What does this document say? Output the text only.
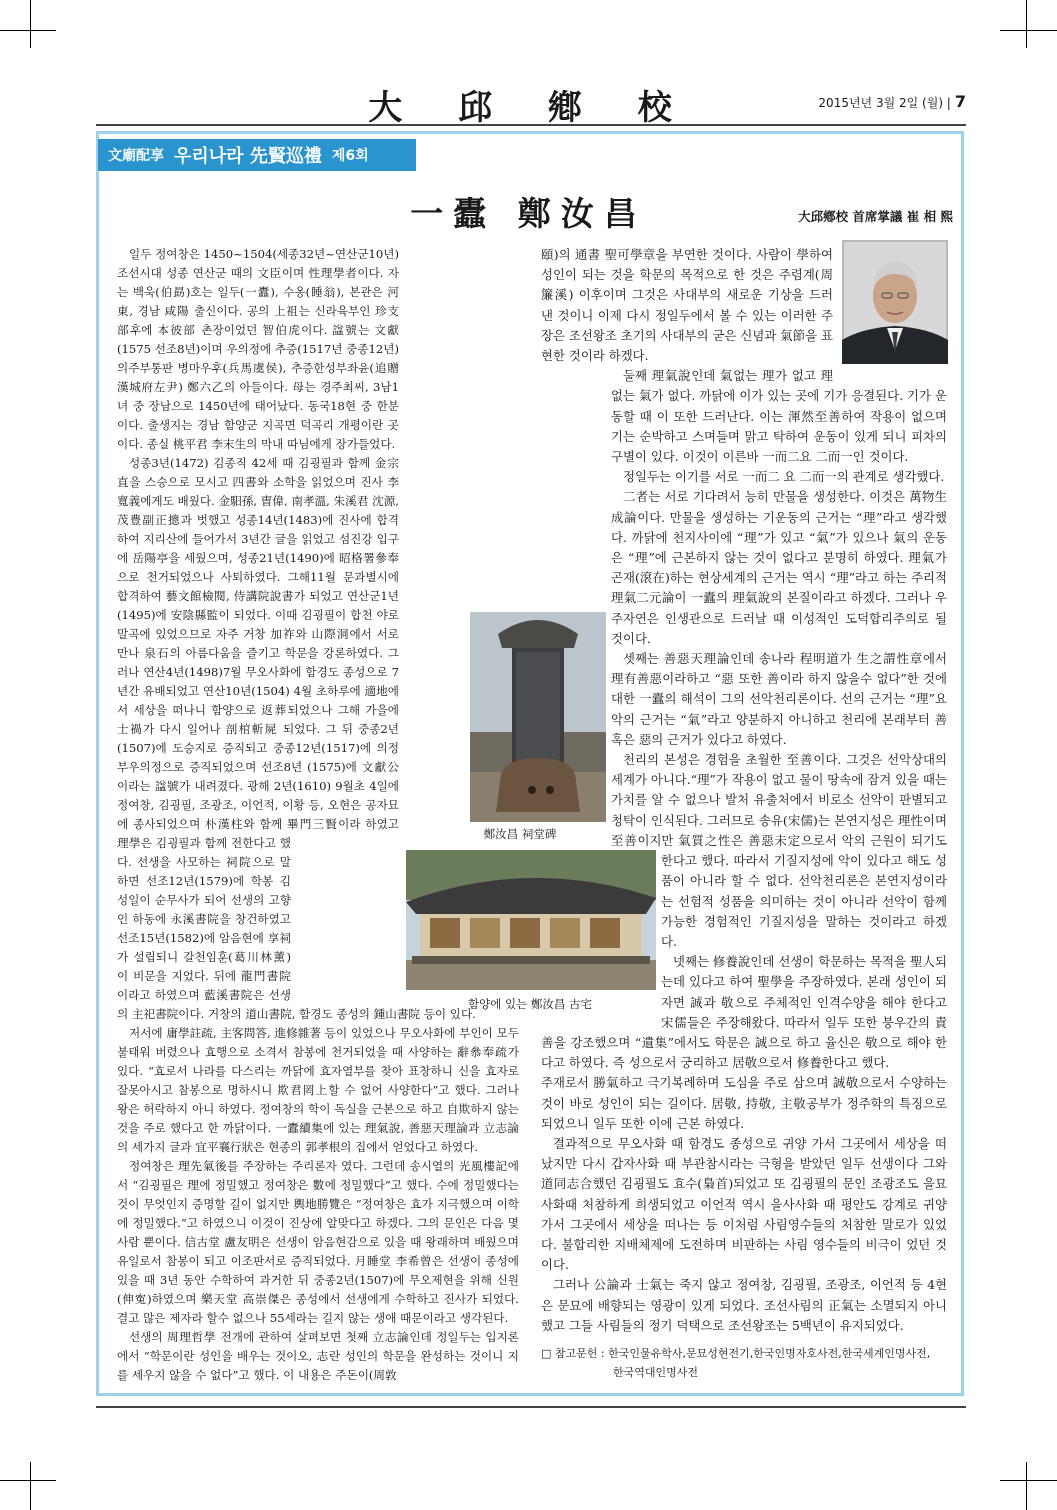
大 邱 鄕 校	2015년년 3월 2일 (월) | 7
文廟配享 우리나라 先賢巡禮 제6회
一蠹 鄭汝昌	大邱鄕校 首席掌議 崔 相 熙
鄭汝昌 祠堂碑
함양에 있는 鄭汝昌 古宅

일두 정여창은 1450~1504(세종32년~연산군10년) 조선시대 성종 연산군 때의 文臣이며 性理學者이다. 자는 백욱(伯勗)호는 일두(一蠹), 수옹(睡翁), 본관은 河東, 경남 咸陽 출신이다. 공의 上祖는 신라육부인 珍支部후에 本彼部 촌장이었던 智伯虎이다. 諡號는 文獻(1575 선조8년)이며 우의정에 추증(1517년 중종12년) 의주부통판 병마우후(兵馬虞侯), 추증한성부좌윤(追贈漢城府左尹) 鄭六乙의 아들이다. 母는 경주최씨, 3남1녀 중 장남으로 1450년에 태어났다. 동국18현 중 한분이다. 출생지는 경남 함양군 지곡면 덕곡리 개평이란 곳이다. 종실 桃平君 李末生의 막내 따님에게 장가들었다.

성종3년(1472) 김종직 42세 때 김굉필과 함께 金宗直을 스승으로 모시고 四書와 소학을 읽었으며 진사 李寬義에게도 배웠다. 金馹孫, 曺偉, 南孝溫, 朱溪君 沈源, 茂豊副正摠과 벗했고 성종14년(1483)에 진사에 합격하여 지리산에 들어가서 3년간 글을 읽었고 섬진강 입구에 岳陽亭을 세웠으며, 성종21년(1490)에 昭格署參奉으로 천거되었으나 사퇴하였다. 그해11월 문과별시에 합격하여 藝文館檢閱, 侍講院說書가 되었고 연산군1년(1495)에 安陰縣監이 되었다. 이때 김굉필이 합천 야로 말곡에 있었으므로 자주 거창 加祚와 山際洞에서 서로 만나 泉石의 아름다움을 즐기고 학문을 강론하였다. 그러나 연산4년(1498)7월 무오사화에 함경도 종성으로 7년간 유배되었고 연산10년(1504) 4월 초하루에 適地에서 세상을 떠나니 함양으로 返葬되었으나 그해 가을에 士禍가 다시 일어나 剖棺斬屍 되었다. 그 뒤 중종2년(1507)에 도승지로 증직되고 중종12년(1517)에 의정부우의정으로 증직되었으며 선조8년 (1575)에 文獻公이라는 諡號가 내려졌다. 광해 2년(1610) 9월초 4일에 정여창, 김굉필, 조광조, 이언적, 이황 등, 오현은 공자묘에 종사되었으며 朴漢柱와 함께 畢門三賢이라 하였고 理學은 김굉필과 함께 전한다고 했다. 선생을 사모하는 祠院으로 말하면 선조12년(1579)에 학봉 김성일이 순무사가 되어 선생의 고향인 하동에 永溪書院을 창건하였고 선조15년(1582)에 암음현에 享祠가 설립되니 갈천임훈(葛川林薰)이 비문을 지었다. 뒤에 龍門書院이라고 하였으며 藍溪書院은 선생의 主祀書院이다. 거창의 道山書院, 함경도 종성의 鍾山書院 등이 있다.

저서에 庸學註疏, 主客問答, 進修雜著 등이 있었으나 무오사화에 부인이 모두 불태워 버렸으나 효행으로 소격서 참봉에 천거되었을 때 사양하는 辭叅奉疏가 있다. “효로서 나라를 다스리는 까닭에 효자열부를 찾아 표창하니 신을 효자로 잘못아시고 참봉으로 명하시니 欺君罔上할 수 없어 사양한다”고 했다. 그러나 왕은 허락하지 아니 하였다. 정여창의 학이 독실을 근본으로 하고 自欺하지 않는 것을 주로 했다고 한 까닭이다. 一蠹續集에 있는 理氣說, 善惡天理論과 立志論의 세가지 글과 宜平襄行狀은 현종의 郭孝根의 집에서 얻었다고 하였다.

정여창은 理先氣後를 주장하는 주리론자 였다. 그런데 송시열의 光風樓記에서 “김굉필은 理에 정밀했고 정여창은 數에 정밀했다”고 했다. 수에 정밀했다는 것이 무엇인지 증명할 길이 없지만 輿地勝覽은 “정여창은 효가 지극했으며 이학에 정밀했다.”고 하였으니 이것이 진상에 알맞다고 하겠다. 그의 문인은 다음 몇 사람 뿐이다. 信古堂 盧友明은 선생이 암음현감으로 있을 때 왕래하며 배웠으며 유일로서 참봉이 되고 이조판서로 증직되었다. 月睡堂 李希曾은 선생이 종성에 있을 때 3년 동안 수학하여 과거한 뒤 중종2년(1507)에 무오제현을 위해 신원(伸寃)하였으며 樂天堂 高崇傑은 종성에서 선생에게 수학하고 진사가 되었다. 결고 많은 제자라 할수 없으나 55세라는 길지 않는 생애 때문이라고 생각된다.

선생의 周理哲學 전개에 관하여 살펴보면 첫째 立志論인데 정일두는 입지론에서 “학문이란 성인을 배우는 것이오, 志란 성인의 학문을 완성하는 것이니 지를 세우지 않을 수 없다”고 했다. 이 내용은 주돈이(周敦

頤)의 通書 聖可學章을 부연한 것이다. 사람이 學하여 성인이 되는 것을 학문의 목적으로 한 것은 주렴계(周簾溪) 이후이며 그것은 사대부의 새로운 기상을 드러낸 것이니 이제 다시 정일두에서 볼 수 있는 이러한 주장은 조선왕조 초기의 사대부의 굳은 신념과 氣節을 표현한 것이라 하겠다.

둘째 理氣說인데 氣없는 理가 없고 理없는 氣가 없다. 까닭에 이가 있는 곳에 기가 응결된다. 기가 운동할 때 이 또한 드러난다. 이는 渾然至善하여 작용이 없으며 기는 순박하고 스며들며 맑고 탁하여 운동이 있게 되니 피차의 구별이 있다. 이것이 이른바 一而二요 二而一인 것이다.

정일두는 이기를 서로 一而二 요 二而一의 관계로 생각했다.

二者는 서로 기다려서 능히 만물을 생성한다. 이것은 萬物生成論이다. 만물을 생성하는 기운동의 근거는 “理”라고 생각했다. 까닭에 천지사이에 “理”가 있고 “氣”가 있으나 氣의 운동은 “理”에 근본하지 않는 것이 없다고 분명히 하였다. 理氣가 곤재(滾在)하는 현상세계의 근거는 역시 “理”라고 하는 주리적 理氣二元論이 一蠹의 理氣說의 본질이라고 하겠다. 그러나 우주자연은 인생관으로 드러날 때 이성적인 도덕합리주의로 될 것이다.

셋째는 善惡天理論인데 송나라 程明道가 生之謂性章에서 理有善惡이라하고 “惡 또한 善이라 하지 않을수 없다”한 것에 대한 一蠹의 해석이 그의 선악천리론이다. 선의 근거는 “理”요 악의 근거는 “氣”라고 양분하지 아니하고 천리에 본래부터 善 혹은 惡의 근거가 있다고 하였다.

천리의 본성은 경험을 초월한 至善이다. 그것은 선악상대의 세계가 아니다.“理”가 작용이 없고 물이 땅속에 잠겨 있을 때는 가치를 알 수 없으나 발처 유출처에서 비로소 선악이 판별되고 청탁이 인식된다. 그러므로 송유(宋儒)는 본연지성은 理性이며 至善이지만 氣質之性은 善惡未定으로서 악의 근원이 되기도 한다고 했다. 따라서 기질지성에 악이 있다고 해도 성품이 아니라 할 수 없다. 선악천리론은 본연지성이라는 선험적 성품을 의미하는 것이 아니라 선악이 함께 가능한 경험적인 기질지성을 말하는 것이라고 하겠다.

넷째는 修養說인데 선생이 학문하는 목적을 聖人되는데 있다고 하여 聖學을 주장하였다. 본래 성인이 되자면 誠과 敬으로 주체적인 인격수양을 해야 한다고 宋儒들은 주장해왔다. 따라서 일두 또한 붕우간의 責善을 강조했으며 “遺集”에서도 학문은 誠으로 하고 율신은 敬으로 해야 한다고 하였다. 즉 성으로서 궁리하고 居敬으로서 修養한다고 했다.

주재로서 勝氣하고 극기복례하며 도심을 주로 삼으며 誠敬으로서 수양하는 것이 바로 성인이 되는 길이다. 居敬, 持敬, 主敬공부가 정주학의 특징으로 되었으니 일두 또한 이에 근본 하였다.

결과적으로 무오사화 때 함경도 종성으로 귀양 가서 그곳에서 세상을 떠났지만 다시 갑자사화 때 부관참시라는 극형을 받았던 일두 선생이다 그와 道同志合했던 김굉필도 효수(梟首)되었고 또 김굉필의 문인 조광조도 을묘사화때 처참하게 희생되었고 이언적 역시 을사사화 때 평안도 강계로 귀양가서 그곳에서 세상을 떠나는 등 이처럼 사림영수들의 처참한 말로가 있었다. 불합리한 지배체제에 도전하며 비판하는 사림 영수들의 비극이 었던 것이다.

그러나 公論과 士氣는 죽지 않고 정여창, 김굉필, 조광조, 이언적 등 4현은 문묘에 배향되는 영광이 있게 되었다. 조선사림의 正氣는 소멸되지 아니 했고 그들 사림들의 정기 덕택으로 조선왕조는 5백년이 유지되었다.

□ 참고문헌 : 한국인물유학사,문묘성현전기,한국인명자호사전,한국세계인명사전,
한국역대인명사전
